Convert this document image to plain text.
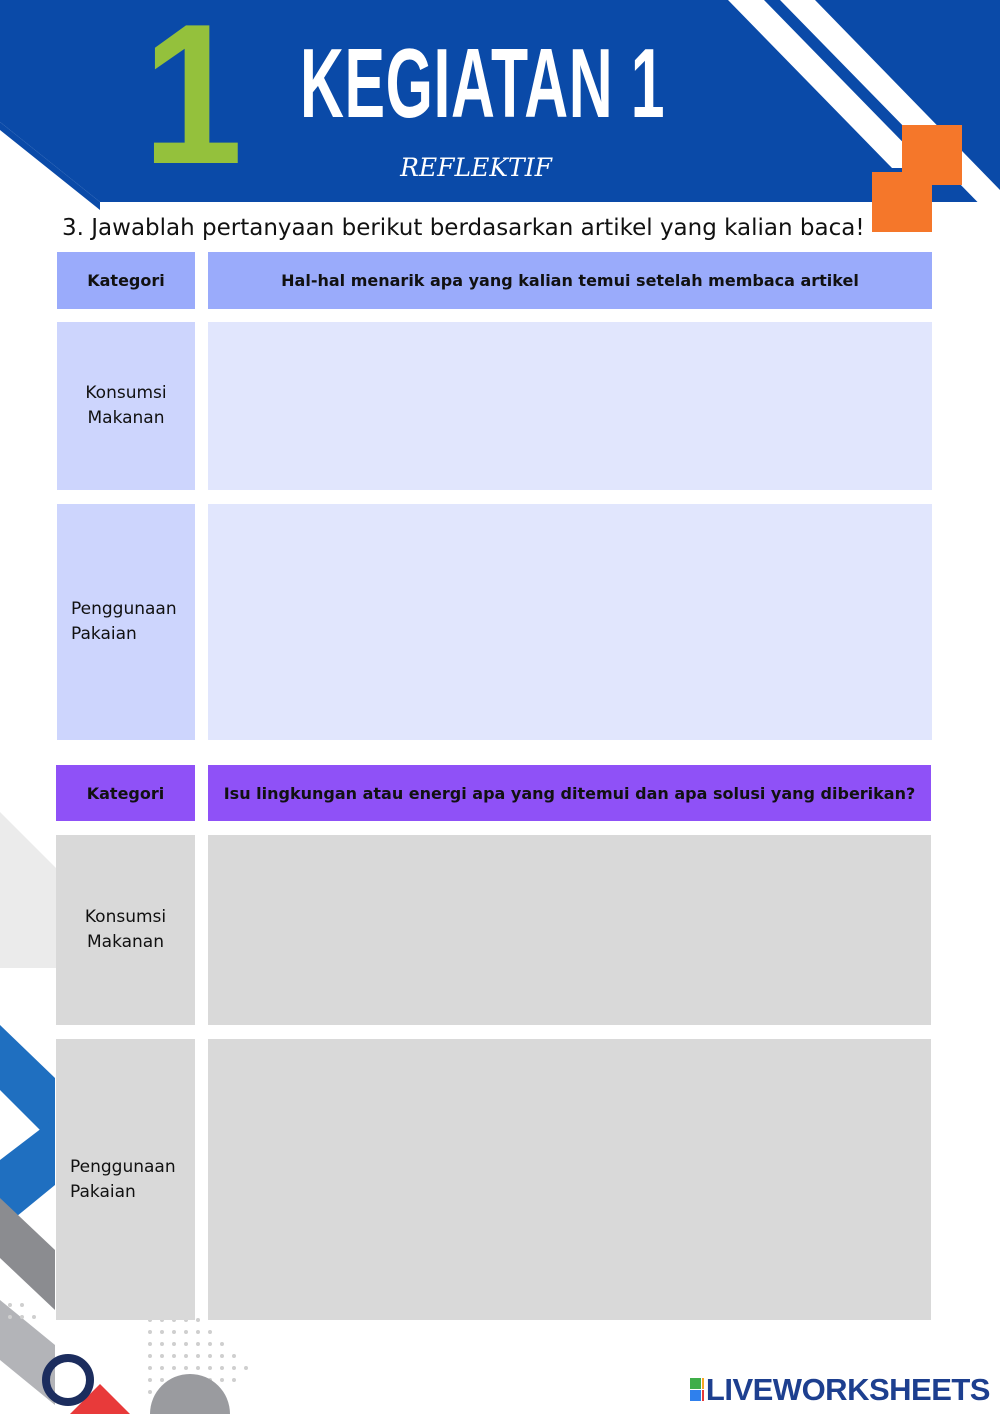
1 KEGIATAN 1
REFLEKTIF
3. Jawablah pertanyaan berikut berdasarkan artikel yang kalian baca!
Kategori	Hal-hal menarik apa yang kalian temui setelah membaca artikel
Konsumsi
Makanan
Penggunaan
Pakaian
Kategori	Isu lingkungan atau energi apa yang ditemui dan apa solusi yang diberikan?
Konsumsi
Makanan
Penggunaan
Pakaian
LIVEWORKSHEETS
